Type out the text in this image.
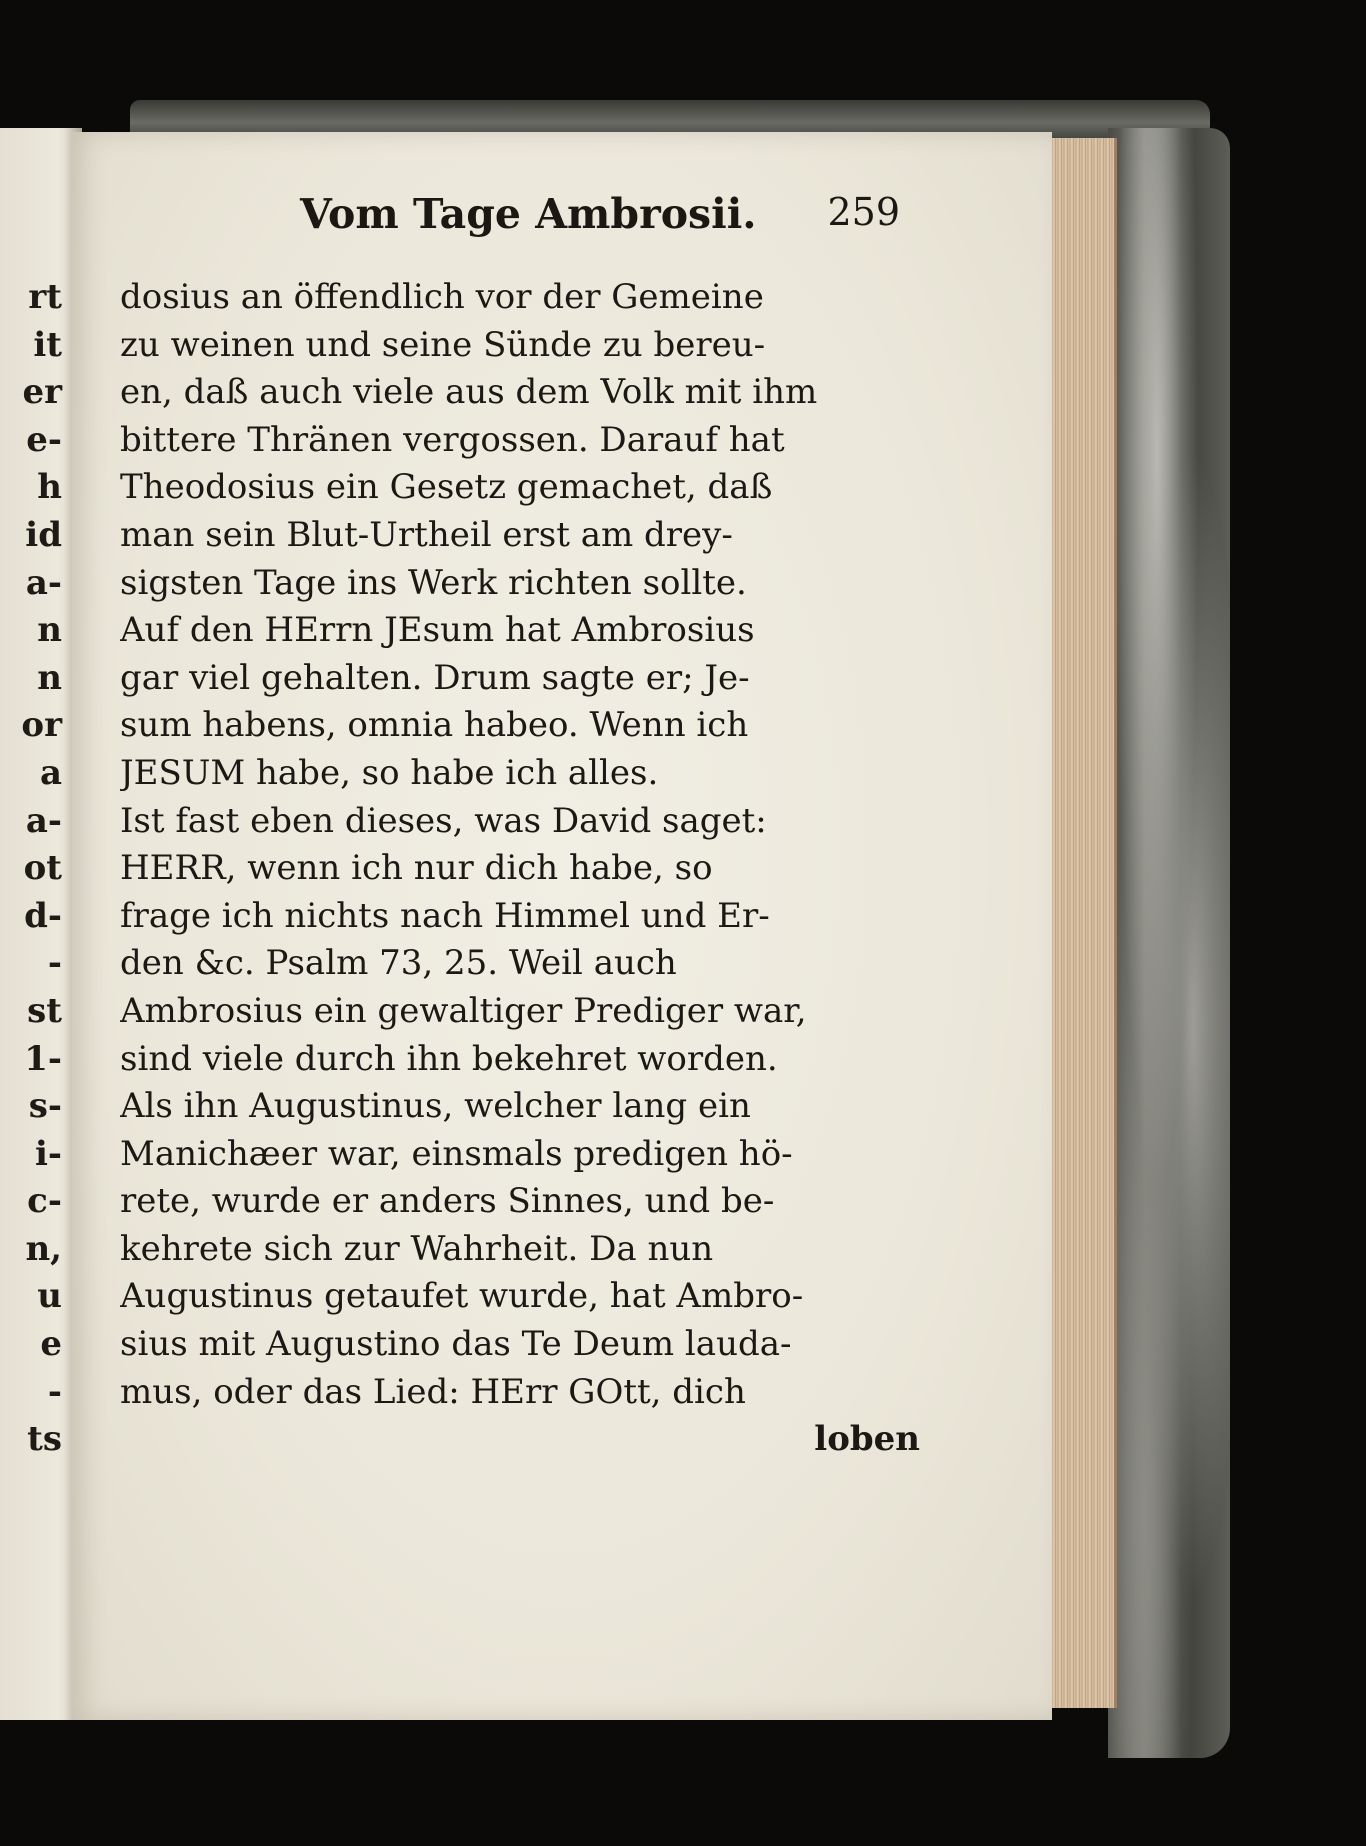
rt
it
er
e-
h
id
a-
n
n
or
a
a-
ot
d-
-
st
1-
s-
i-
c-
n,
u
e
-
ts
Vom Tage Ambrosii. 259
dosius an öffendlich vor der Gemeine
zu weinen und seine Sünde zu bereu-
en, daß auch viele aus dem Volk mit ihm
bittere Thränen vergossen. Darauf hat
Theodosius ein Gesetz gemachet, daß
man sein Blut-Urtheil erst am drey-
sigsten Tage ins Werk richten sollte.
Auf den HErrn JEsum hat Ambrosius
gar viel gehalten. Drum sagte er; Je-
sum habens, omnia habeo. Wenn ich
JESUM habe, so habe ich alles.
Ist fast eben dieses, was David saget:
HERR, wenn ich nur dich habe, so
frage ich nichts nach Himmel und Er-
den &c. Psalm 73, 25. Weil auch
Ambrosius ein gewaltiger Prediger war,
sind viele durch ihn bekehret worden.
Als ihn Augustinus, welcher lang ein
Manichæer war, einsmals predigen hö-
rete, wurde er anders Sinnes, und be-
kehrete sich zur Wahrheit. Da nun
Augustinus getaufet wurde, hat Ambro-
sius mit Augustino das Te Deum lauda-
mus, oder das Lied: HErr GOtt, dich
loben
